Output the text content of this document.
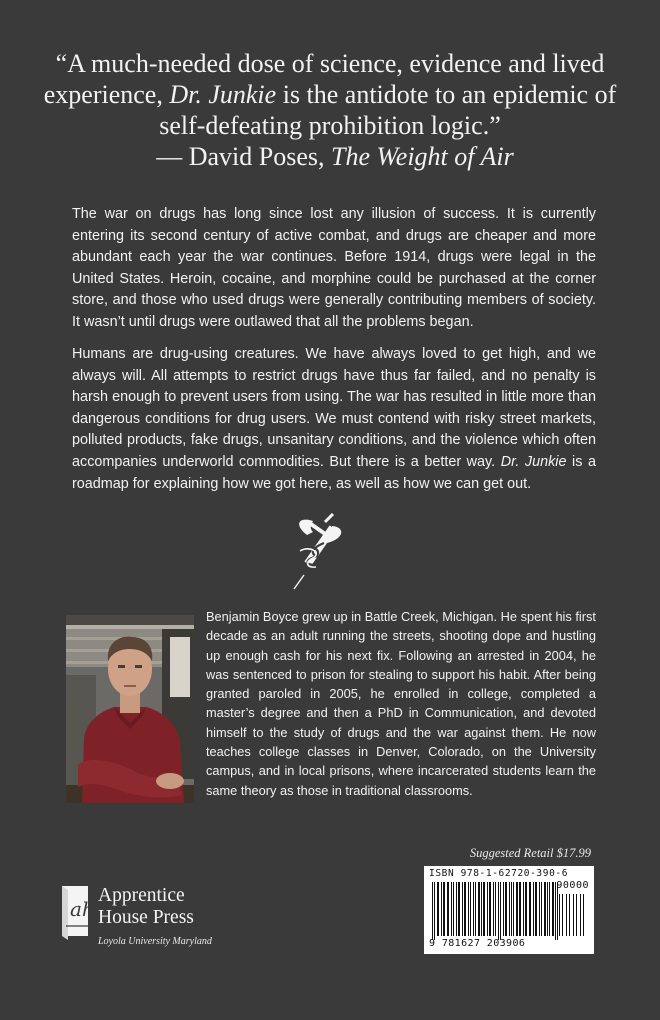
“A much-needed dose of science, evidence and lived experience, Dr. Junkie is the antidote to an epidemic of self-defeating prohibition logic.”
— David Poses, The Weight of Air

The war on drugs has long since lost any illusion of success. It is currently entering its second century of active combat, and drugs are cheaper and more abundant each year the war continues. Before 1914, drugs were legal in the United States. Heroin, cocaine, and morphine could be purchased at the corner store, and those who used drugs were generally contributing members of society. It wasn’t until drugs were outlawed that all the problems began.

Humans are drug-using creatures. We have always loved to get high, and we always will. All attempts to restrict drugs have thus far failed, and no penalty is harsh enough to prevent users from using. The war has resulted in little more than dangerous conditions for drug users. We must contend with risky street markets, polluted products, fake drugs, unsanitary conditions, and the violence which often accompanies underworld commodities. But there is a better way. Dr. Junkie is a roadmap for explaining how we got here, as well as how we can get out.

Benjamin Boyce grew up in Battle Creek, Michigan. He spent his first decade as an adult running the streets, shooting dope and hustling up enough cash for his next fix. Following an arrested in 2004, he was sentenced to prison for stealing to support his habit. After being granted paroled in 2005, he enrolled in college, completed a master’s degree and then a PhD in Communication, and devoted himself to the study of drugs and the war against them. He now teaches college classes in Denver, Colorado, on the University campus, and in local prisons, where incarcerated students learn the same theory as those in traditional classrooms.

Suggested Retail $17.99
ISBN 978-1-62720-390-6
90000
9 781627 203906
ah
Apprentice
House Press
Loyola University Maryland
